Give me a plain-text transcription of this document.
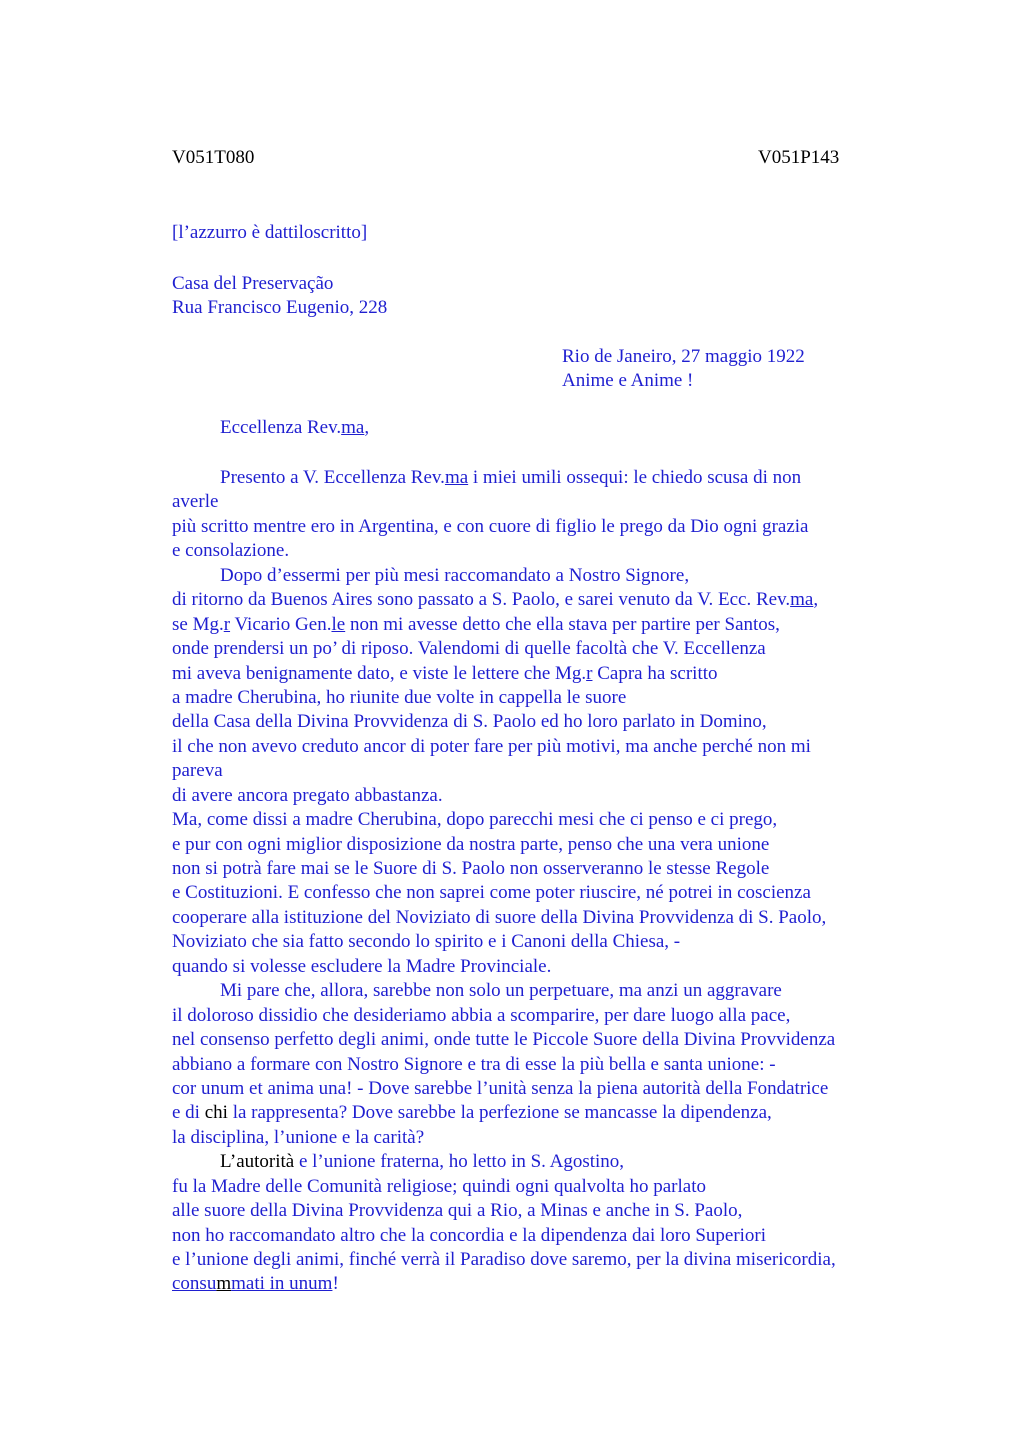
V051T080	V051P143
[l’azzurro è dattiloscritto]
Casa del Preservação
Rua Francisco Eugenio, 228
Rio de Janeiro, 27 maggio 1922
Anime e Anime !
Eccellenza Rev.ma,
Presento a V. Eccellenza Rev.ma i miei umili ossequi: le chiedo scusa di non
averle
più scritto mentre ero in Argentina, e con cuore di figlio le prego da Dio ogni grazia
e consolazione.
Dopo d’essermi per più mesi raccomandato a Nostro Signore,
di ritorno da Buenos Aires sono passato a S. Paolo, e sarei venuto da V. Ecc. Rev.ma,
se Mg.r Vicario Gen.le non mi avesse detto che ella stava per partire per Santos,
onde prendersi un po’ di riposo. Valendomi di quelle facoltà che V. Eccellenza
mi aveva benignamente dato, e viste le lettere che Mg.r Capra ha scritto
a madre Cherubina, ho riunite due volte in cappella le suore
della Casa della Divina Provvidenza di S. Paolo ed ho loro parlato in Domino,
il che non avevo creduto ancor di poter fare per più motivi, ma anche perché non mi
pareva
di avere ancora pregato abbastanza.
Ma, come dissi a madre Cherubina, dopo parecchi mesi che ci penso e ci prego,
e pur con ogni miglior disposizione da nostra parte, penso che una vera unione
non si potrà fare mai se le Suore di S. Paolo non osserveranno le stesse Regole
e Costituzioni. E confesso che non saprei come poter riuscire, né potrei in coscienza
cooperare alla istituzione del Noviziato di suore della Divina Provvidenza di S. Paolo,
Noviziato che sia fatto secondo lo spirito e i Canoni della Chiesa, -
quando si volesse escludere la Madre Provinciale.
Mi pare che, allora, sarebbe non solo un perpetuare, ma anzi un aggravare
il doloroso dissidio che desideriamo abbia a scomparire, per dare luogo alla pace,
nel consenso perfetto degli animi, onde tutte le Piccole Suore della Divina Provvidenza
abbiano a formare con Nostro Signore e tra di esse la più bella e santa unione: -
cor unum et anima una! - Dove sarebbe l’unità senza la piena autorità della Fondatrice
e di chi la rappresenta? Dove sarebbe la perfezione se mancasse la dipendenza,
la disciplina, l’unione e la carità?
L’autorità e l’unione fraterna, ho letto in S. Agostino,
fu la Madre delle Comunità religiose; quindi ogni qualvolta ho parlato
alle suore della Divina Provvidenza qui a Rio, a Minas e anche in S. Paolo,
non ho raccomandato altro che la concordia e la dipendenza dai loro Superiori
e l’unione degli animi, finché verrà il Paradiso dove saremo, per la divina misericordia,
consummati in unum!
